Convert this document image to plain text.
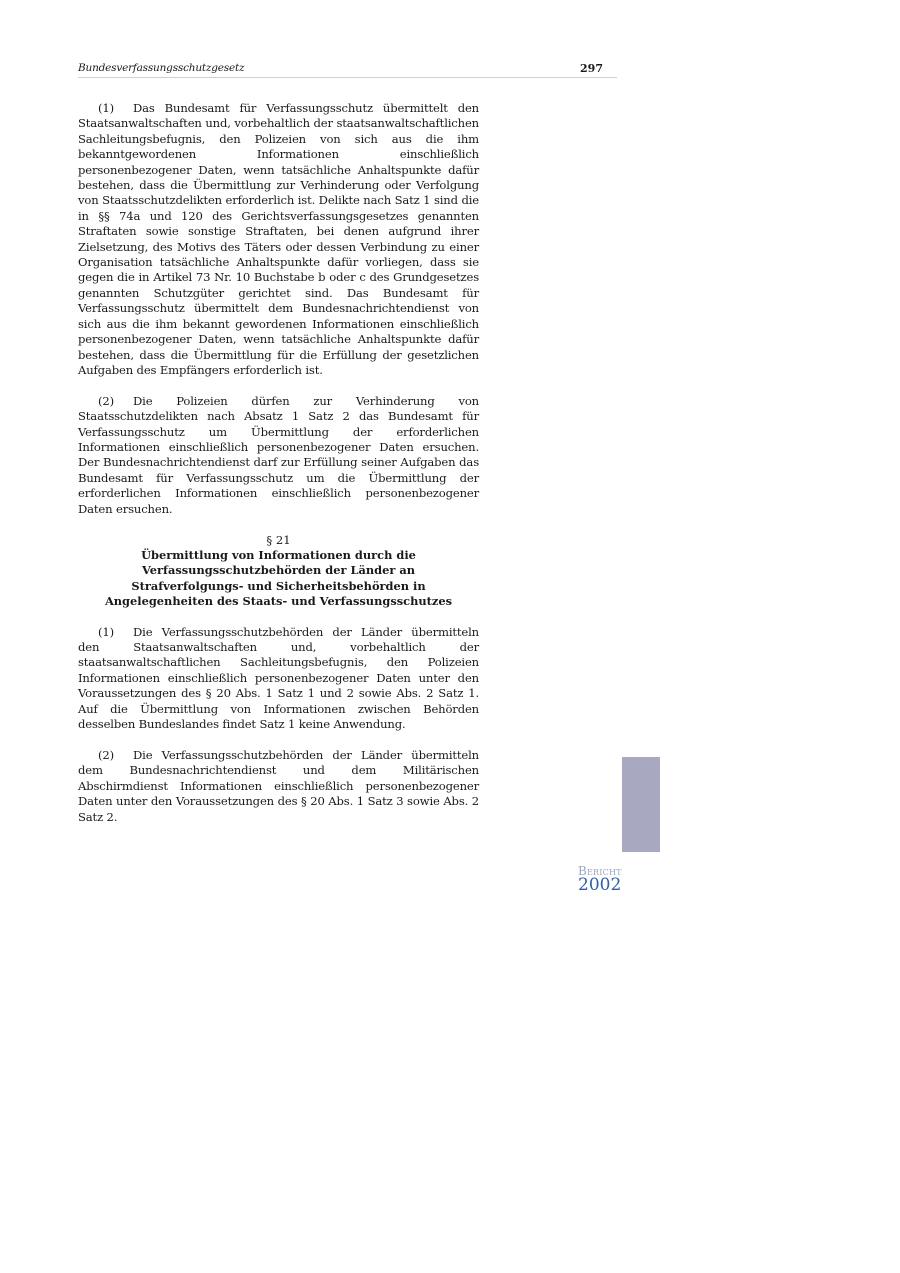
Bundesverfassungsschutzgesetz	297

(1) Das Bundesamt für Verfassungsschutz übermittelt den Staatsanwaltschaften und, vorbehaltlich der staatsanwaltschaftlichen Sachleitungsbefugnis, den Polizeien von sich aus die ihm bekanntgewordenen Informationen einschließlich personenbezogener Daten, wenn tatsächliche Anhaltspunkte dafür bestehen, dass die Übermittlung zur Verhinderung oder Verfolgung von Staatsschutzdelikten erforderlich ist. Delikte nach Satz 1 sind die in §§ 74a und 120 des Gerichtsverfassungsgesetzes genannten Straftaten sowie sonstige Straftaten, bei denen aufgrund ihrer Zielsetzung, des Motivs des Täters oder dessen Verbindung zu einer Organisation tatsächliche Anhaltspunkte dafür vorliegen, dass sie gegen die in Artikel 73 Nr. 10 Buchstabe b oder c des Grundgesetzes genannten Schutzgüter gerichtet sind. Das Bundesamt für Verfassungsschutz übermittelt dem Bundesnachrichtendienst von sich aus die ihm bekannt gewordenen Informationen einschließlich personenbezogener Daten, wenn tatsächliche Anhaltspunkte dafür bestehen, dass die Übermittlung für die Erfüllung der gesetzlichen Aufgaben des Empfängers erforderlich ist.

(2) Die Polizeien dürfen zur Verhinderung von Staatsschutzdelikten nach Absatz 1 Satz 2 das Bundesamt für Verfassungsschutz um Übermittlung der erforderlichen Informationen einschließlich personenbezogener Daten ersuchen. Der Bundesnachrichtendienst darf zur Erfüllung seiner Aufgaben das Bundesamt für Verfassungsschutz um die Übermittlung der erforderlichen Informationen einschließlich personenbezogener Daten ersuchen.

§ 21
Übermittlung von Informationen durch die Verfassungsschutzbehörden der Länder an Strafverfolgungs- und Sicherheitsbehörden in Angelegenheiten des Staats- und Verfassungsschutzes

(1) Die Verfassungsschutzbehörden der Länder übermitteln den Staatsanwaltschaften und, vorbehaltlich der staatsanwaltschaftlichen Sachleitungsbefugnis, den Polizeien Informationen einschließlich personenbezogener Daten unter den Voraussetzungen des § 20 Abs. 1 Satz 1 und 2 sowie Abs. 2 Satz 1. Auf die Übermittlung von Informationen zwischen Behörden desselben Bundeslandes findet Satz 1 keine Anwendung.

(2) Die Verfassungsschutzbehörden der Länder übermitteln dem Bundesnachrichtendienst und dem Militärischen Abschirmdienst Informationen einschließlich personenbezogener Daten unter den Voraussetzungen des § 20 Abs. 1 Satz 3 sowie Abs. 2 Satz 2.

Bericht
2002
